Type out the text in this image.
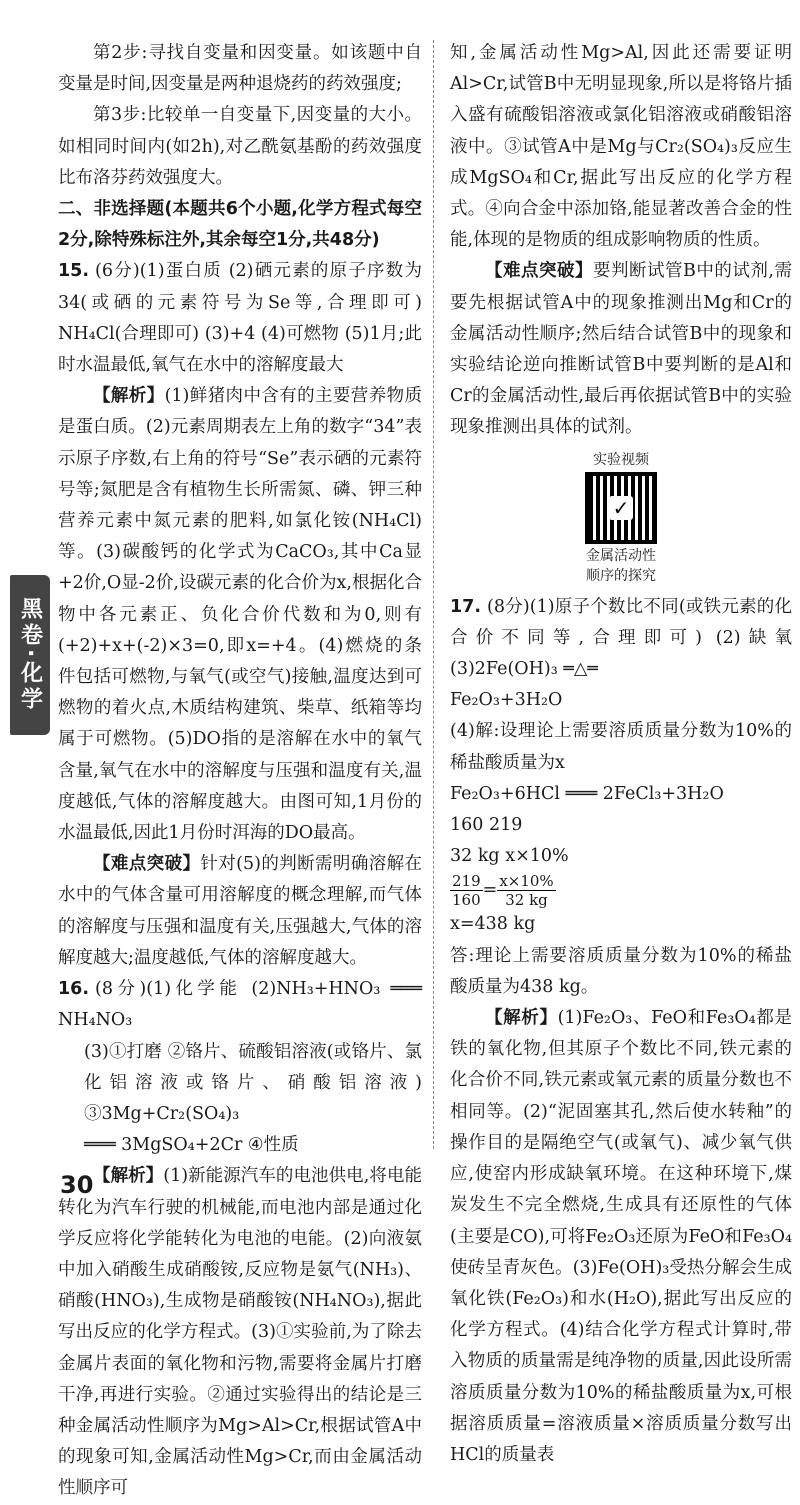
黑卷·化学

第2步:寻找自变量和因变量。如该题中自变量是时间,因变量是两种退烧药的药效强度;

第3步:比较单一自变量下,因变量的大小。如相同时间内(如2h),对乙酰氨基酚的药效强度比布洛芬药效强度大。

二、非选择题(本题共6个小题,化学方程式每空2分,除特殊标注外,其余每空1分,共48分)

15. (6分)(1)蛋白质 (2)硒元素的原子序数为34(或硒的元素符号为Se等,合理即可) NH₄Cl(合理即可) (3)+4 (4)可燃物 (5)1月;此时水温最低,氧气在水中的溶解度最大

【解析】(1)鲜猪肉中含有的主要营养物质是蛋白质。(2)元素周期表左上角的数字“34”表示原子序数,右上角的符号“Se”表示硒的元素符号等;氮肥是含有植物生长所需氮、磷、钾三种营养元素中氮元素的肥料,如氯化铵(NH₄Cl)等。(3)碳酸钙的化学式为CaCO₃,其中Ca显+2价,O显-2价,设碳元素的化合价为x,根据化合物中各元素正、负化合价代数和为0,则有(+2)+x+(-2)×3=0,即x=+4。(4)燃烧的条件包括可燃物,与氧气(或空气)接触,温度达到可燃物的着火点,木质结构建筑、柴草、纸箱等均属于可燃物。(5)DO指的是溶解在水中的氧气含量,氧气在水中的溶解度与压强和温度有关,温度越低,气体的溶解度越大。由图可知,1月份的水温最低,因此1月份时洱海的DO最高。

【难点突破】针对(5)的判断需明确溶解在水中的气体含量可用溶解度的概念理解,而气体的溶解度与压强和温度有关,压强越大,气体的溶解度越大;温度越低,气体的溶解度越大。

16. (8分)(1)化学能 (2)NH₃+HNO₃ ═══ NH₄NO₃

(3)①打磨 ②铬片、硫酸铝溶液(或铬片、氯化铝溶液或铬片、硝酸铝溶液) ③3Mg+Cr₂(SO₄)₃

═══ 3MgSO₄+2Cr ④性质

【解析】(1)新能源汽车的电池供电,将电能转化为汽车行驶的机械能,而电池内部是通过化学反应将化学能转化为电池的电能。(2)向液氨中加入硝酸生成硝酸铵,反应物是氨气(NH₃)、硝酸(HNO₃),生成物是硝酸铵(NH₄NO₃),据此写出反应的化学方程式。(3)①实验前,为了除去金属片表面的氧化物和污物,需要将金属片打磨干净,再进行实验。②通过实验得出的结论是三种金属活动性顺序为Mg>Al>Cr,根据试管A中的现象可知,金属活动性Mg>Cr,而由金属活动性顺序可

知,金属活动性Mg>Al,因此还需要证明Al>Cr,试管B中无明显现象,所以是将铬片插入盛有硫酸铝溶液或氯化铝溶液或硝酸铝溶液中。③试管A中是Mg与Cr₂(SO₄)₃反应生成MgSO₄和Cr,据此写出反应的化学方程式。④向合金中添加铬,能显著改善合金的性能,体现的是物质的组成影响物质的性质。

【难点突破】要判断试管B中的试剂,需要先根据试管A中的现象推测出Mg和Cr的金属活动性顺序;然后结合试管B中的现象和实验结论逆向推断试管B中要判断的是Al和Cr的金属活动性,最后再依据试管B中的实验现象推测出具体的试剂。

实验视频
✓
金属活动性
顺序的探究

17. (8分)(1)原子个数比不同(或铁元素的化合价不同等,合理即可) (2)缺氧 (3)2Fe(OH)₃ ═△═

Fe₂O₃+3H₂O

(4)解:设理论上需要溶质质量分数为10%的稀盐酸质量为x

Fe₂O₃+6HCl ═══ 2FeCl₃+3H₂O

160 219

32 kg x×10%

$\frac{219}{160} = \frac{x\times 10\%}{32 kg}$

x=438 kg

答:理论上需要溶质质量分数为10%的稀盐酸质量为438 kg。

【解析】(1)Fe₂O₃、FeO和Fe₃O₄都是铁的氧化物,但其原子个数比不同,铁元素的化合价不同,铁元素或氧元素的质量分数也不相同等。(2)“泥固塞其孔,然后使水转釉”的操作目的是隔绝空气(或氧气)、减少氧气供应,使窑内形成缺氧环境。在这种环境下,煤炭发生不完全燃烧,生成具有还原性的气体(主要是CO),可将Fe₂O₃还原为FeO和Fe₃O₄使砖呈青灰色。(3)Fe(OH)₃受热分解会生成氧化铁(Fe₂O₃)和水(H₂O),据此写出反应的化学方程式。(4)结合化学方程式计算时,带入物质的质量需是纯净物的质量,因此设所需溶质质量分数为10%的稀盐酸质量为x,可根据溶质质量=溶液质量×溶质质量分数写出HCl的质量表

30
